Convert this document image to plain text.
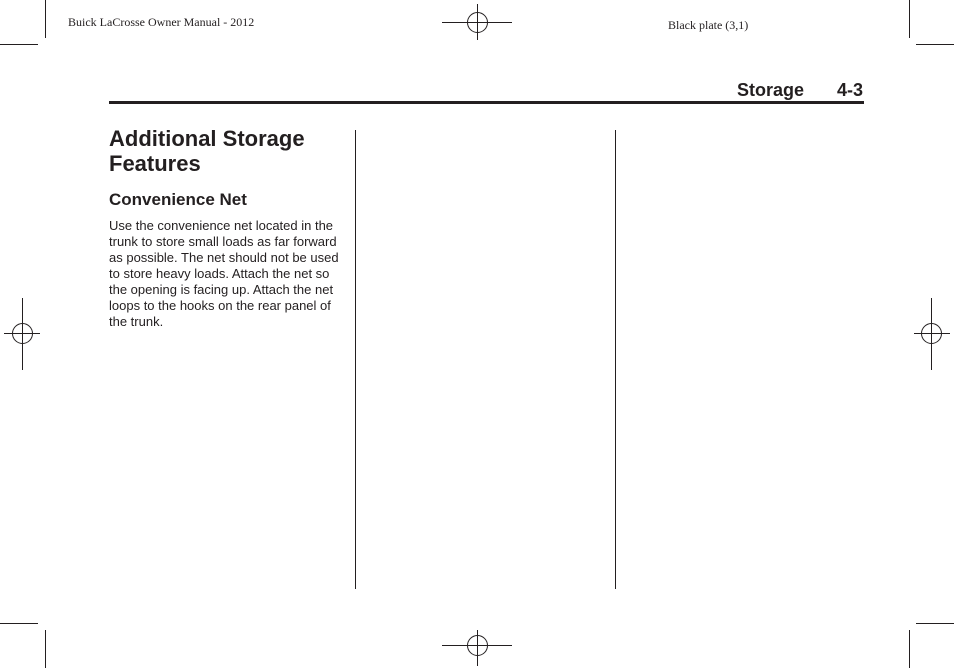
Buick LaCrosse Owner Manual - 2012	Black plate (3,1)
Storage 4-3
Additional Storage Features
Convenience Net

Use the convenience net located in the trunk to store small loads as far forward as possible. The net should not be used to store heavy loads. Attach the net so the opening is facing up. Attach the net loops to the hooks on the rear panel of the trunk.
